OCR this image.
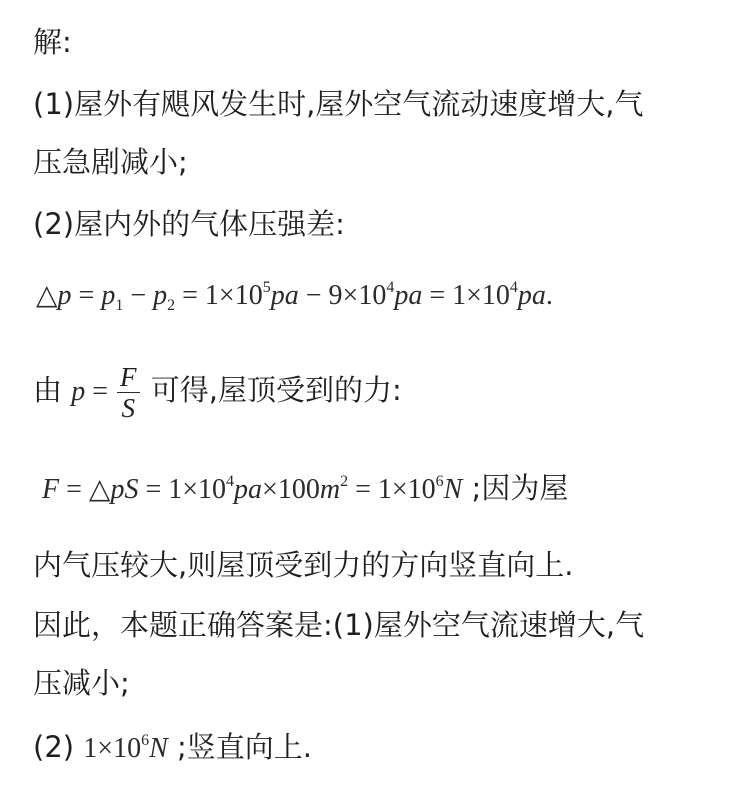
解:
(1)屋外有飓风发生时,屋外空气流动速度增大,气
压急剧减小;
(2)屋内外的气体压强差:
△p = $p_1 - p_2 = 1\times 10^5pa - 9\times 10^4pa = 1\times 10^4pa$.
由 $p = \frac{F}{S}$ 可得,屋顶受到的力:
F = △pS = $1\times 10^4pa\times 100m^2 = 1\times 10^6N$ ;因为屋
内气压较大,则屋顶受到力的方向竖直向上.
因此，本题正确答案是:(1)屋外空气流速增大,气
压减小;
(2) $1\times 10^6N$ ;竖直向上.
